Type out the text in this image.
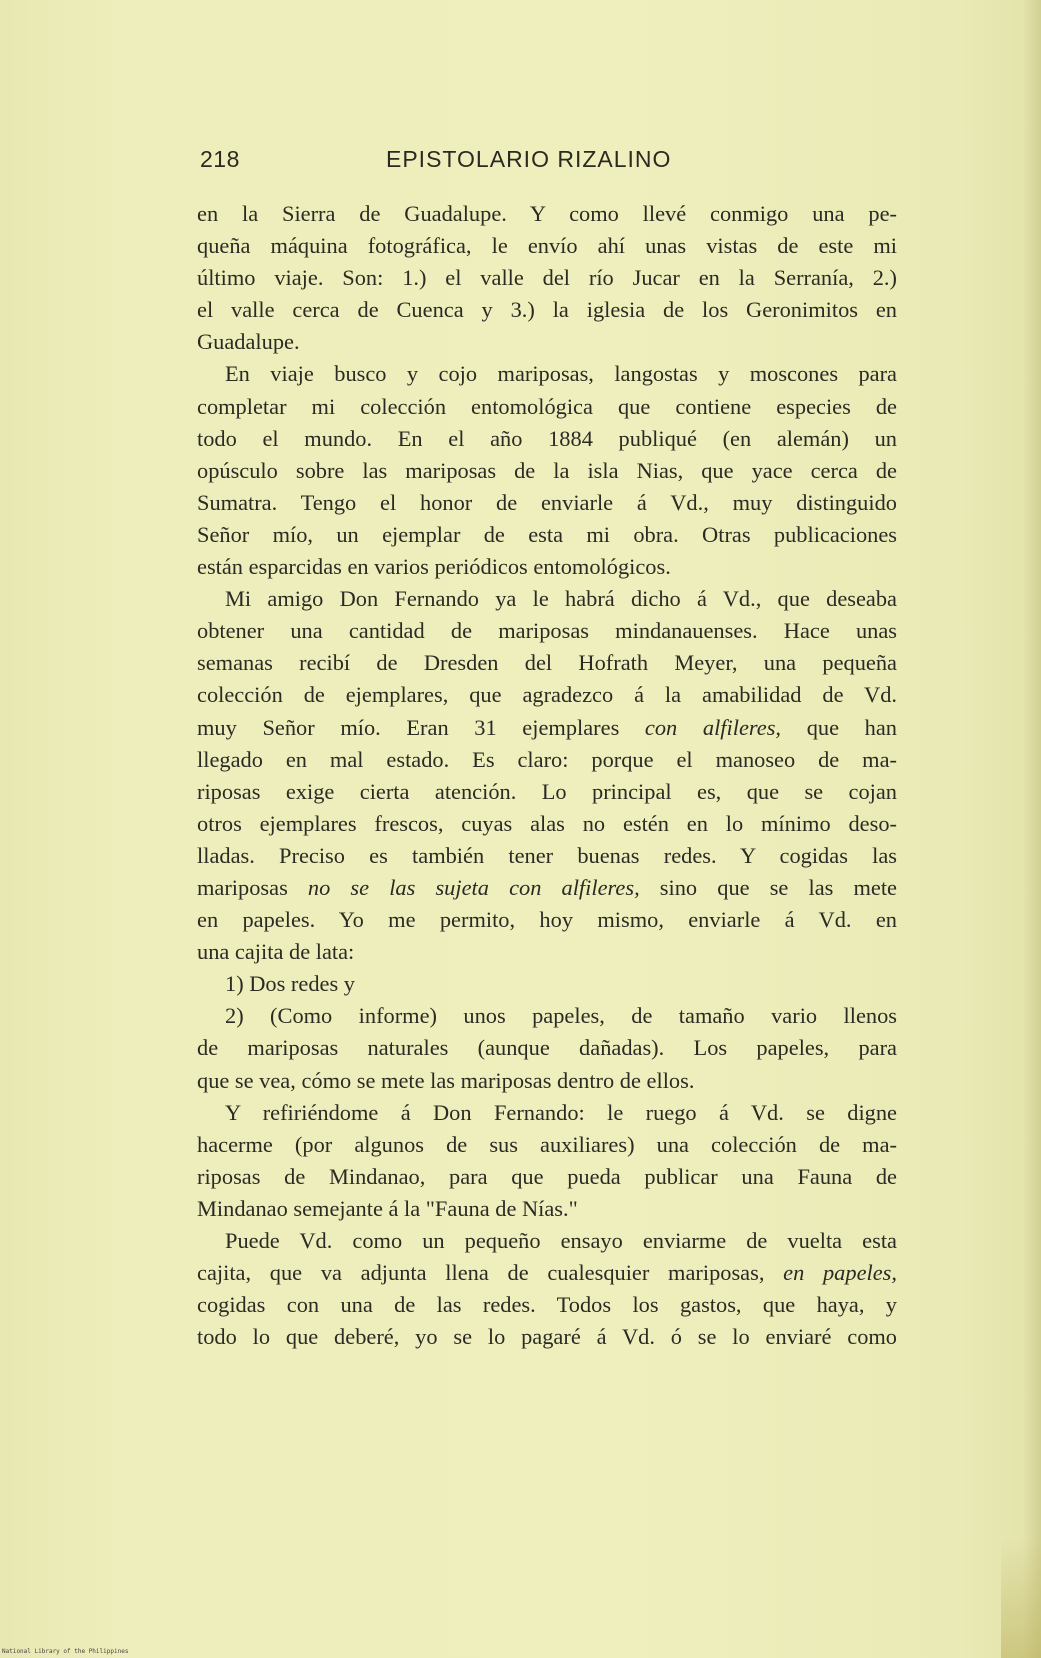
218	EPISTOLARIO RIZALINO
en la Sierra de Guadalupe. Y como llevé conmigo una pe-
queña máquina fotográfica, le envío ahí unas vistas de este mi
último viaje. Son: 1.) el valle del río Jucar en la Serranía, 2.)
el valle cerca de Cuenca y 3.) la iglesia de los Geronimitos en
Guadalupe.
En viaje busco y cojo mariposas, langostas y moscones para
completar mi colección entomológica que contiene especies de
todo el mundo. En el año 1884 publiqué (en alemán) un
opúsculo sobre las mariposas de la isla Nias, que yace cerca de
Sumatra. Tengo el honor de enviarle á Vd., muy distinguido
Señor mío, un ejemplar de esta mi obra. Otras publicaciones
están esparcidas en varios periódicos entomológicos.
Mi amigo Don Fernando ya le habrá dicho á Vd., que deseaba
obtener una cantidad de mariposas mindanauenses. Hace unas
semanas recibí de Dresden del Hofrath Meyer, una pequeña
colección de ejemplares, que agradezco á la amabilidad de Vd.
muy Señor mío. Eran 31 ejemplares con alfileres, que han
llegado en mal estado. Es claro: porque el manoseo de ma-
riposas exige cierta atención. Lo principal es, que se cojan
otros ejemplares frescos, cuyas alas no estén en lo mínimo deso-
lladas. Preciso es también tener buenas redes. Y cogidas las
mariposas no se las sujeta con alfileres, sino que se las mete
en papeles. Yo me permito, hoy mismo, enviarle á Vd. en
una cajita de lata:
1) Dos redes y
2) (Como informe) unos papeles, de tamaño vario llenos
de mariposas naturales (aunque dañadas). Los papeles, para
que se vea, cómo se mete las mariposas dentro de ellos.
Y refiriéndome á Don Fernando: le ruego á Vd. se digne
hacerme (por algunos de sus auxiliares) una colección de ma-
riposas de Mindanao, para que pueda publicar una Fauna de
Mindanao semejante á la "Fauna de Nías."
Puede Vd. como un pequeño ensayo enviarme de vuelta esta
cajita, que va adjunta llena de cualesquier mariposas, en papeles,
cogidas con una de las redes. Todos los gastos, que haya, y
todo lo que deberé, yo se lo pagaré á Vd. ó se lo enviaré como
National Library of the Philippines
